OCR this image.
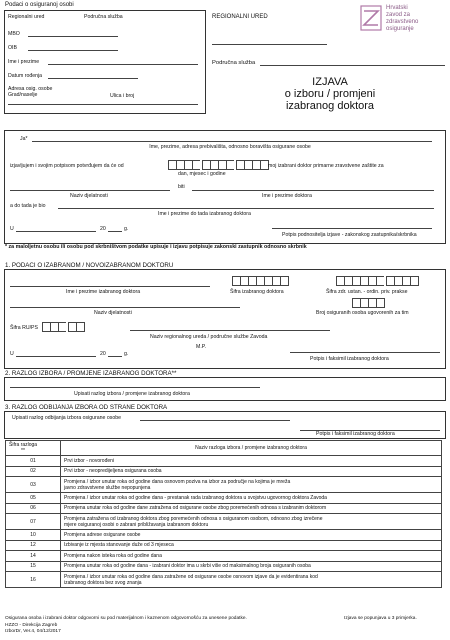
Podaci o osiguranoj osobi
Regionalni ured	Područna služba
MBO
OIB
Ime i prezime
Datum rođenja
Adresa osig. osobe
Grad/naselje	Ulica i broj
REGIONALNI URED
Područna služba
Hrvatski
zavod za
zdravstveno
osiguranje
IZJAVA
o izboru / promjeni
izabranog doktora
Ja*
Ime, prezime, adresa prebivališta, odnosno boravišta osigurane osobe
izjavljujem i svojim potpisom potvrđujem da će od
dan, mjesec i godine
moj izabrani doktor primarne zravstvene zaštite za
biti
Naziv djelatnosti	Ime i prezime doktora
a do tada je bio
Ime i prezime do tada izabranog doktora
U	20	g.
Potpis podnositelja izjave - zakonskog zastupnika/skrbnika
* za maloljetnu osobu ili osobu pod skrbništvom podatke upisuje i izjavu potpisuje zakonski zastupnik odnosno skrbnik
1. PODACI O IZABRANOM / NOVOIZABRANOM DOKTORU
Ime i prezime izabranog doktora	Šifra izabranog doktora	Šifra zdr. ustan. - ordin. priv. prakse
Naziv djelatnosti	Broj osiguranih osoba ugovorenih za tim
Šifra RU/PS
Naziv regionalnog ureda / područne službe Zavoda
M.P.
U	20	g.
Potpis i faksimil izabranog doktora
2. RAZLOG IZBORA / PROMJENE IZABRANOG DOKTORA**
Upisati razlog izbora / promjene izabranog doktora
3. RAZLOG ODBIJANJA IZBORA OD STRANE DOKTORA
Upisati razlog odbijanja izbora osigurane osobe
Šifra razloga
**	Naziv razloga izbora / promjene izabranog doktora
01	Prvi izbor - novorođeni
02	Prvi izbor - neopredijeljena osigurana osoba
03	Promjena / izbor unutar roka od godine dana osnovom poziva na izbor za područje na kojima je mreža
javno zdravstvene službe nepopunjena
05	Promjena / izbor unutar roka od godine dana - prestanak rada izabranog doktora u svojstvu ugovornog doktora Zavoda
06	Promjena unutar roka od godine dane zatražena od osigurane osobe zbog poremećenih odnosa s izabranim doktorom
07	Promjena zatražena od izabranog doktora zbog poremećenih odnosa s osiguranom osobom, odnosno zbog izrečene
mjere osiguranoj osobi o zabrani približavanja izabranom doktoru
10	Promjena adrese osigurane osobe
12	Izbivanje iz mjesta stanovanje duže od 3 mjeseca
14	Promjena nakon isteka roka od godine dana
15	Promjena unutar roka od godine dana - izabrani doktor ima u skrbi više od maksimalnog broja osiguranih osoba
16	Promjena / izbor unutar roka od godine dana zatražene od osigurane osobe osnovom izjave da je evidentirana kod
izabranog doktora bez svog znanja
Osigurana osoba i izabrani doktor odgovorni su pod materijalnom i kaznenom odgovornošću za unesene podatke.	Izjava se popunjava u 3 primjerka.
HZZO - Direkcija Zagreb
IzborDr, Ver.4, 04/12/2017
Potpis i faksimil izabranog doktora
